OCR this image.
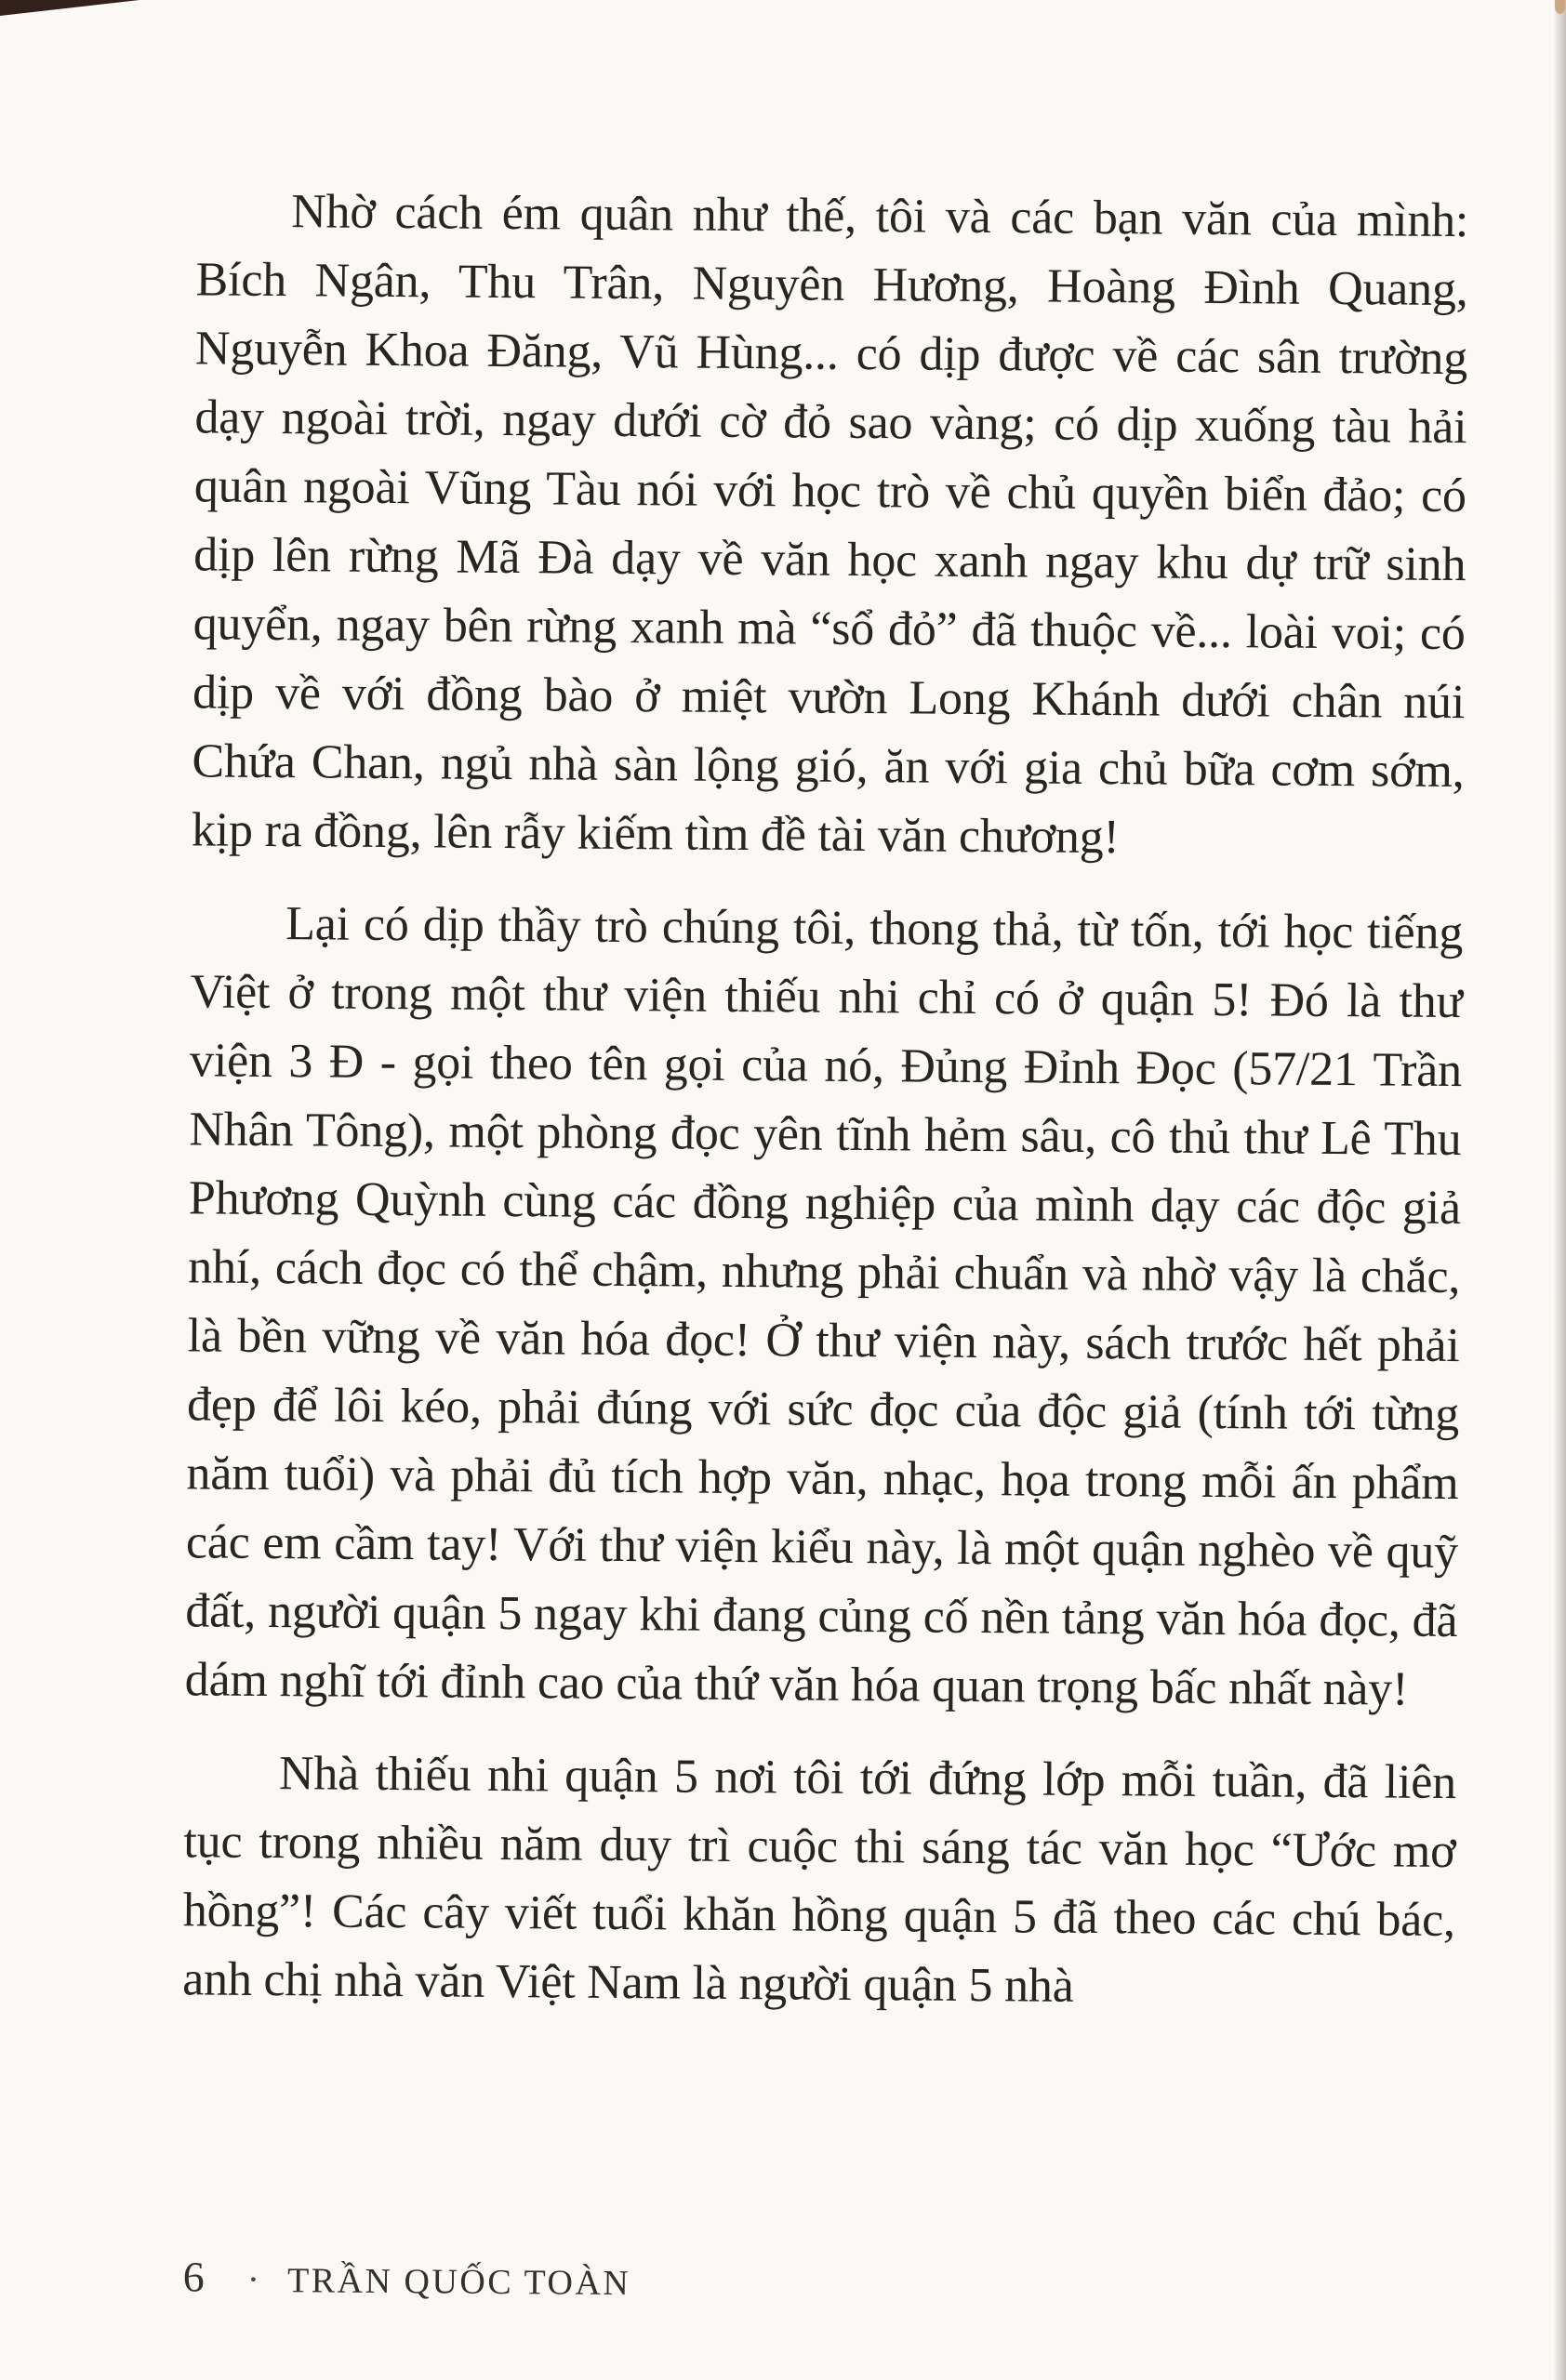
Nhờ cách ém quân như thế, tôi và các bạn văn của mình: Bích Ngân, Thu Trân, Nguyên Hương, Hoàng Đình Quang, Nguyễn Khoa Đăng, Vũ Hùng... có dịp được về các sân trường dạy ngoài trời, ngay dưới cờ đỏ sao vàng; có dịp xuống tàu hải quân ngoài Vũng Tàu nói với học trò về chủ quyền biển đảo; có dịp lên rừng Mã Đà dạy về văn học xanh ngay khu dự trữ sinh quyển, ngay bên rừng xanh mà “sổ đỏ” đã thuộc về... loài voi; có dịp về với đồng bào ở miệt vườn Long Khánh dưới chân núi Chứa Chan, ngủ nhà sàn lộng gió, ăn với gia chủ bữa cơm sớm, kịp ra đồng, lên rẫy kiếm tìm đề tài văn chương!

Lại có dịp thầy trò chúng tôi, thong thả, từ tốn, tới học tiếng Việt ở trong một thư viện thiếu nhi chỉ có ở quận 5! Đó là thư viện 3 Đ - gọi theo tên gọi của nó, Đủng Đỉnh Đọc (57/21 Trần Nhân Tông), một phòng đọc yên tĩnh hẻm sâu, cô thủ thư Lê Thu Phương Quỳnh cùng các đồng nghiệp của mình dạy các độc giả nhí, cách đọc có thể chậm, nhưng phải chuẩn và nhờ vậy là chắc, là bền vững về văn hóa đọc! Ở thư viện này, sách trước hết phải đẹp để lôi kéo, phải đúng với sức đọc của độc giả (tính tới từng năm tuổi) và phải đủ tích hợp văn, nhạc, họa trong mỗi ấn phẩm các em cầm tay! Với thư viện kiểu này, là một quận nghèo về quỹ đất, người quận 5 ngay khi đang củng cố nền tảng văn hóa đọc, đã dám nghĩ tới đỉnh cao của thứ văn hóa quan trọng bấc nhất này!

Nhà thiếu nhi quận 5 nơi tôi tới đứng lớp mỗi tuần, đã liên tục trong nhiều năm duy trì cuộc thi sáng tác văn học “Ước mơ hồng”! Các cây viết tuổi khăn hồng quận 5 đã theo các chú bác, anh chị nhà văn Việt Nam là người quận 5 nhà

6 · TRẦN QUỐC TOÀN
